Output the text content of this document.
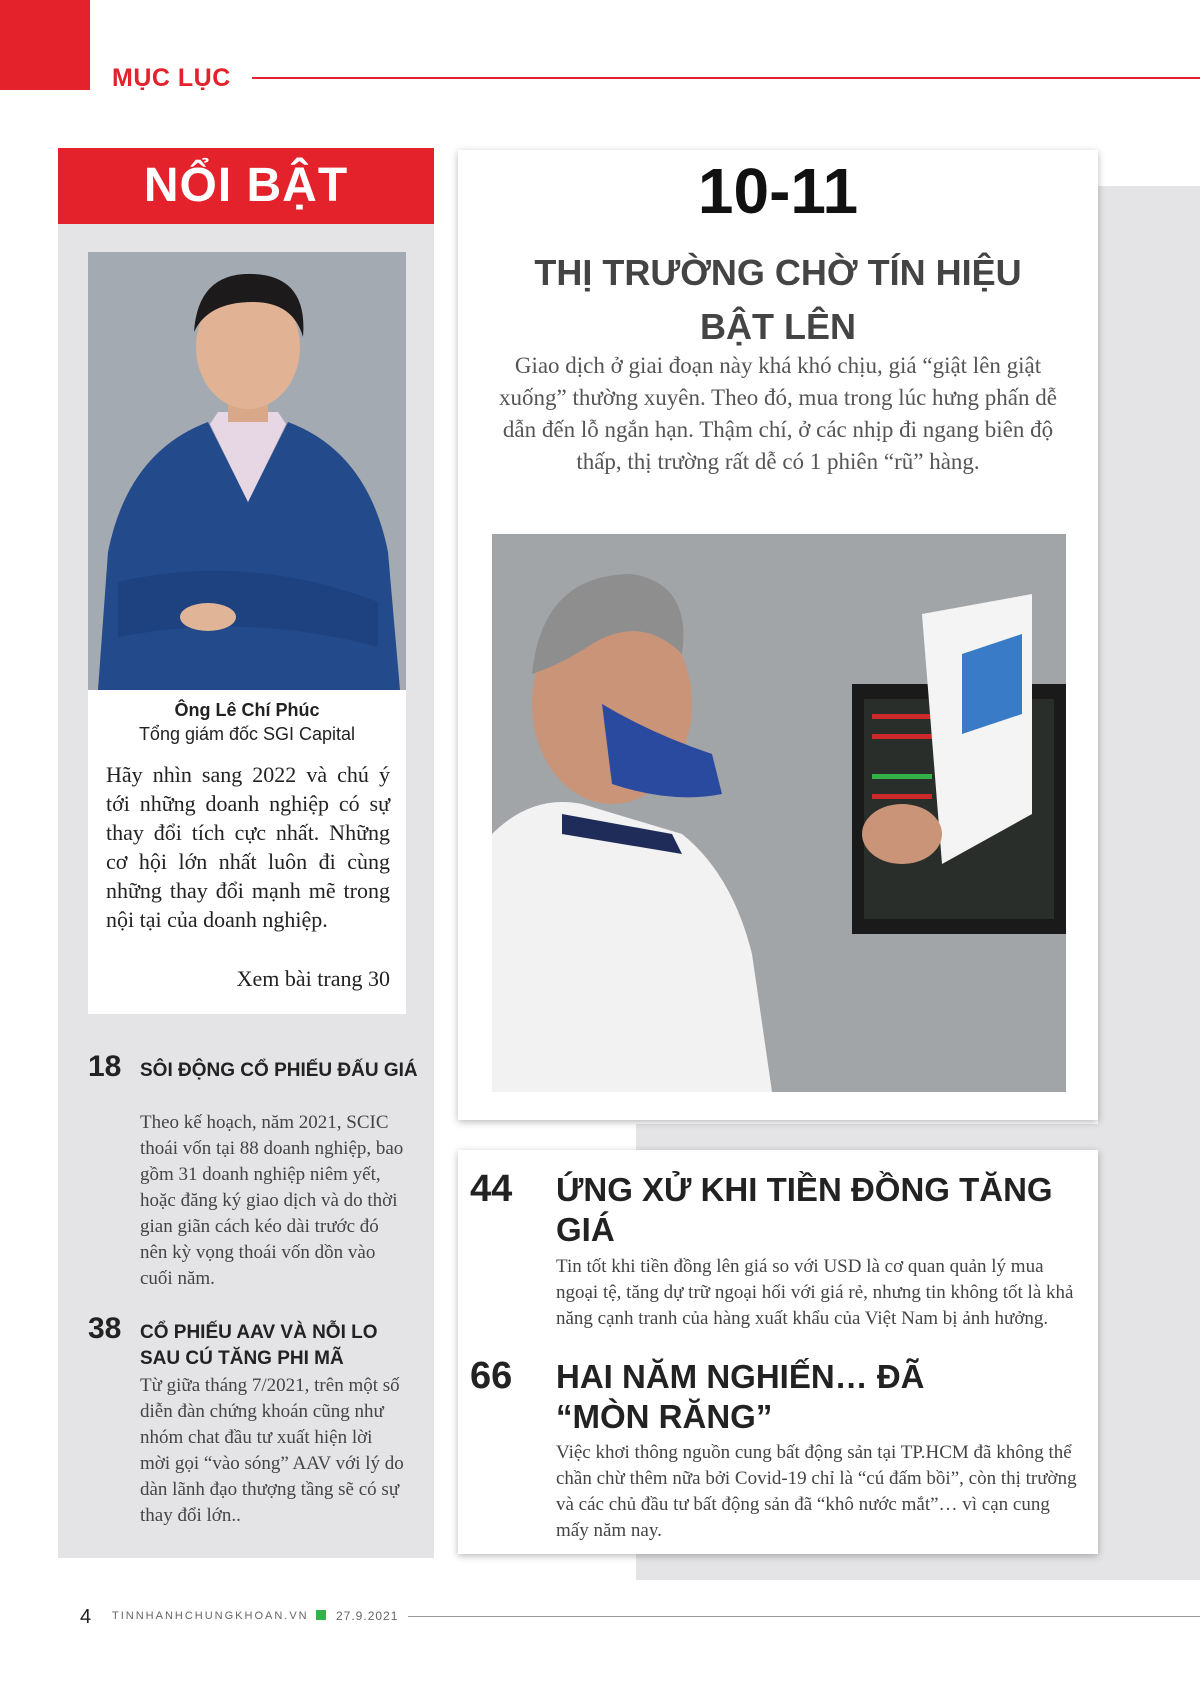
MỤC LỤC
NỔI BẬT
Ông Lê Chí Phúc
Tổng giám đốc SGI Capital
Hãy nhìn sang 2022 và chú ý tới những doanh nghiệp có sự thay đổi tích cực nhất. Những cơ hội lớn nhất luôn đi cùng những thay đổi mạnh mẽ trong nội tại của doanh nghiệp.
Xem bài trang 30
18 SÔI ĐỘNG CỔ PHIẾU ĐẤU GIÁ
Theo kế hoạch, năm 2021, SCIC thoái vốn tại 88 doanh nghiệp, bao gồm 31 doanh nghiệp niêm yết, hoặc đăng ký giao dịch và do thời gian giãn cách kéo dài trước đó nên kỳ vọng thoái vốn dồn vào cuối năm.
38 CỔ PHIẾU AAV VÀ NỖI LO SAU CÚ TĂNG PHI MÃ
Từ giữa tháng 7/2021, trên một số diễn đàn chứng khoán cũng như nhóm chat đầu tư xuất hiện lời mời gọi “vào sóng” AAV với lý do dàn lãnh đạo thượng tầng sẽ có sự thay đổi lớn..
10-11
THỊ TRƯỜNG CHỜ TÍN HIỆU BẬT LÊN
Giao dịch ở giai đoạn này khá khó chịu, giá “giật lên giật xuống” thường xuyên. Theo đó, mua trong lúc hưng phấn dễ dẫn đến lỗ ngắn hạn. Thậm chí, ở các nhịp đi ngang biên độ thấp, thị trường rất dễ có 1 phiên “rũ” hàng.
44 ỨNG XỬ KHI TIỀN ĐỒNG TĂNG GIÁ
Tin tốt khi tiền đồng lên giá so với USD là cơ quan quản lý mua ngoại tệ, tăng dự trữ ngoại hối với giá rẻ, nhưng tin không tốt là khả năng cạnh tranh của hàng xuất khẩu của Việt Nam bị ảnh hưởng.
66 HAI NĂM NGHIẾN… ĐÃ “MÒN RĂNG”
Việc khơi thông nguồn cung bất động sản tại TP.HCM đã không thể chần chừ thêm nữa bởi Covid-19 chỉ là “cú đấm bồi”, còn thị trường và các chủ đầu tư bất động sản đã “khô nước mắt”… vì cạn cung mấy năm nay.
4 TINNHANHCHUNGKHOAN.VN 27.9.2021
